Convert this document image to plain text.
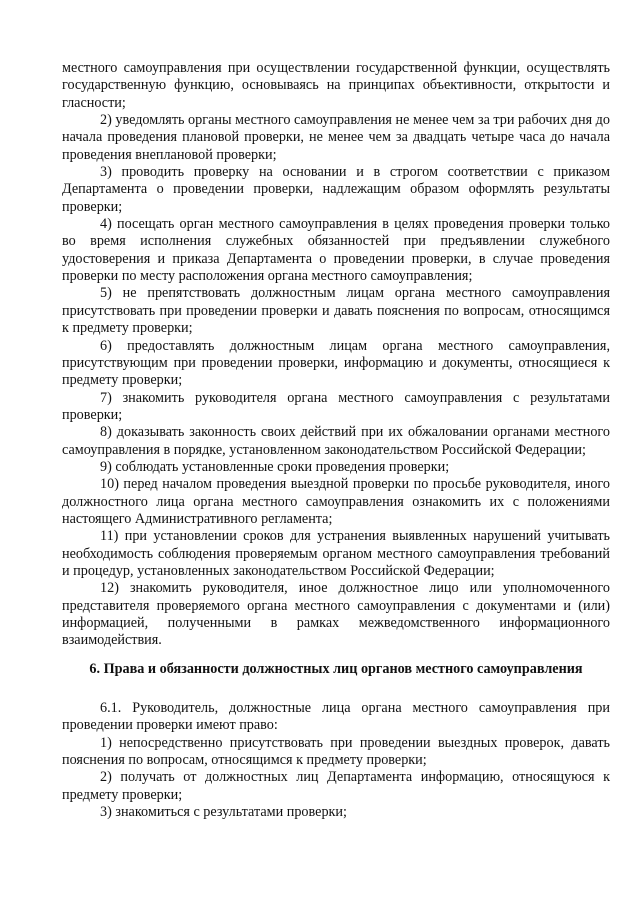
местного самоуправления при осуществлении государственной функции, осуществлять государственную функцию, основываясь на принципах объективности, открытости и гласности;

2) уведомлять органы местного самоуправления не менее чем за три рабочих дня до начала проведения плановой проверки, не менее чем за двадцать четыре часа до начала проведения внеплановой проверки;

3) проводить проверку на основании и в строгом соответствии с приказом Департамента о проведении проверки, надлежащим образом оформлять результаты проверки;

4) посещать орган местного самоуправления в целях проведения проверки только во время исполнения служебных обязанностей при предъявлении служебного удостоверения и приказа Департамента о проведении проверки, в случае проведения проверки по месту расположения органа местного самоуправления;

5) не препятствовать должностным лицам органа местного самоуправления присутствовать при проведении проверки и давать пояснения по вопросам, относящимся к предмету проверки;

6) предоставлять должностным лицам органа местного самоуправления, присутствующим при проведении проверки, информацию и документы, относящиеся к предмету проверки;

7) знакомить руководителя органа местного самоуправления с результатами проверки;

8) доказывать законность своих действий при их обжаловании органами местного самоуправления в порядке, установленном законодательством Российской Федерации;

9) соблюдать установленные сроки проведения проверки;

10) перед началом проведения выездной проверки по просьбе руководителя, иного должностного лица органа местного самоуправления ознакомить их с положениями настоящего Административного регламента;

11) при установлении сроков для устранения выявленных нарушений учитывать необходимость соблюдения проверяемым органом местного самоуправления требований и процедур, установленных законодательством Российской Федерации;

12) знакомить руководителя, иное должностное лицо или уполномоченного представителя проверяемого органа местного самоуправления с документами и (или) информацией, полученными в рамках межведомственного информационного взаимодействия.

6. Права и обязанности должностных лиц органов местного самоуправления

6.1. Руководитель, должностные лица органа местного самоуправления при проведении проверки имеют право:

1) непосредственно присутствовать при проведении выездных проверок, давать пояснения по вопросам, относящимся к предмету проверки;

2) получать от должностных лиц Департамента информацию, относящуюся к предмету проверки;

3) знакомиться с результатами проверки;
